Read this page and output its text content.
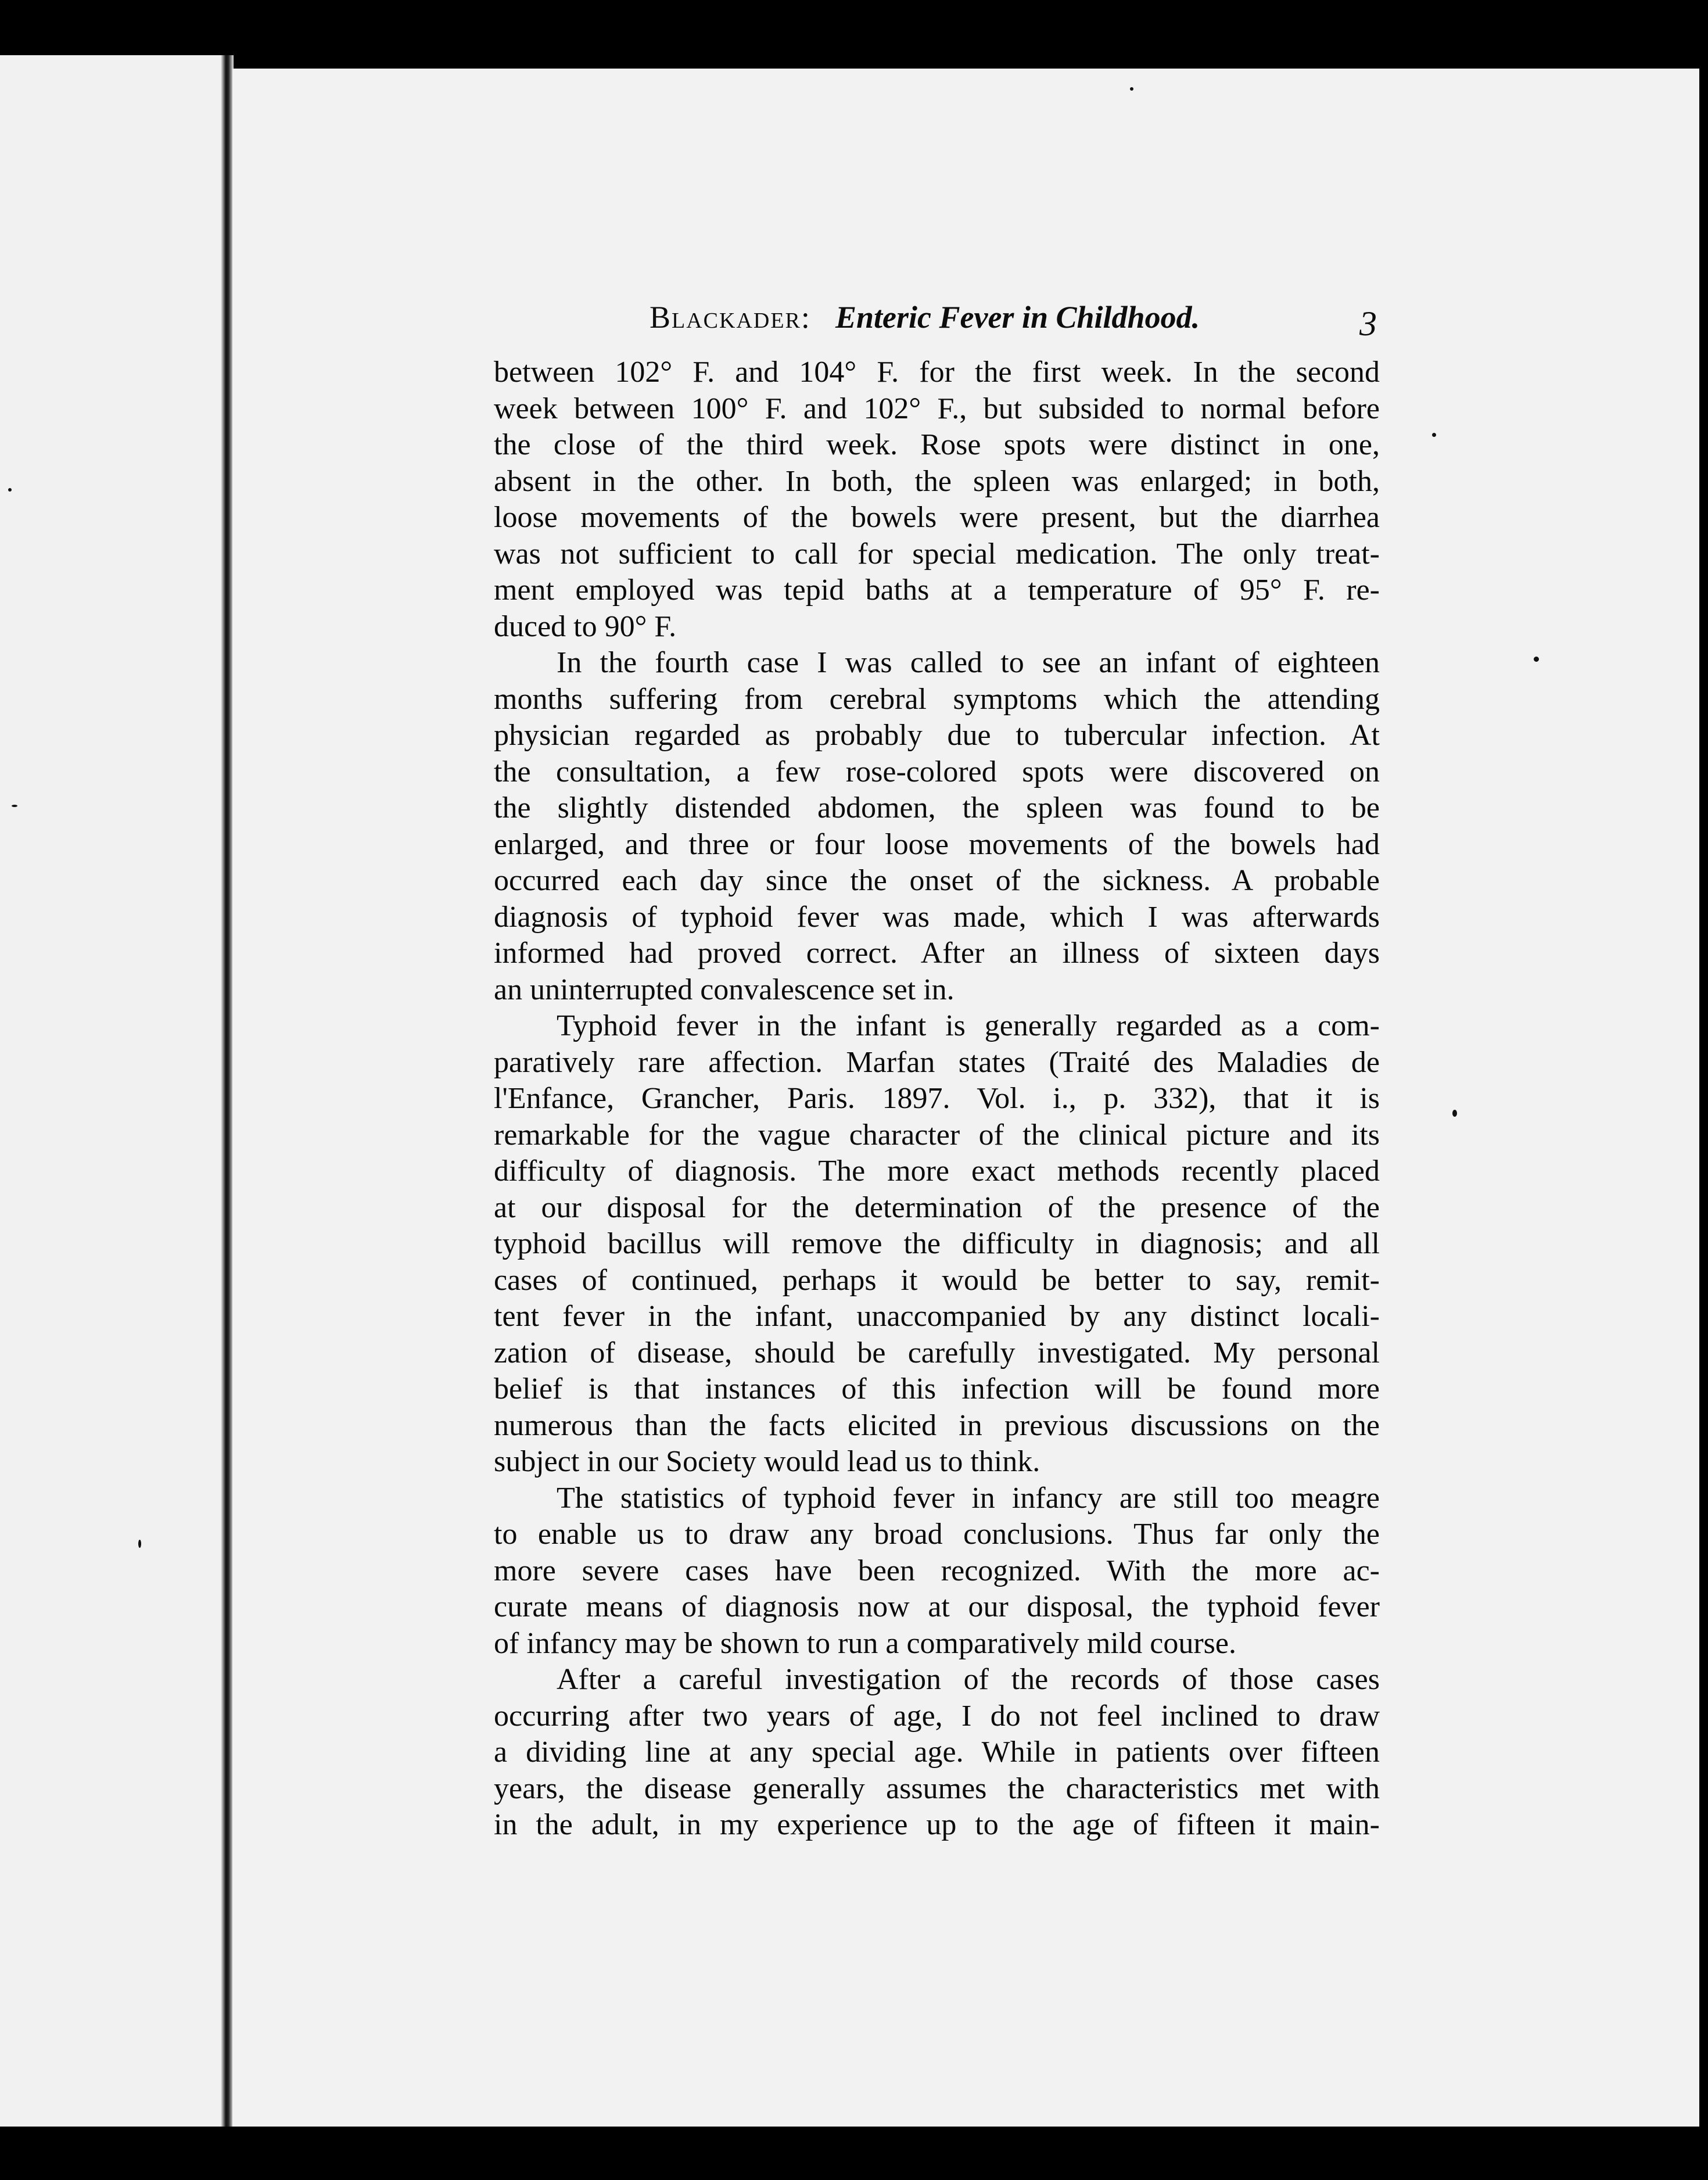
Blackader: Enteric Fever in Childhood.	3
between 102° F. and 104° F. for the first week. In the second
week between 100° F. and 102° F., but subsided to normal before
the close of the third week. Rose spots were distinct in one,
absent in the other. In both, the spleen was enlarged; in both,
loose movements of the bowels were present, but the diarrhea
was not sufficient to call for special medication. The only treat-
ment employed was tepid baths at a temperature of 95° F. re-
duced to 90° F.
In the fourth case I was called to see an infant of eighteen
months suffering from cerebral symptoms which the attending
physician regarded as probably due to tubercular infection. At
the consultation, a few rose-colored spots were discovered on
the slightly distended abdomen, the spleen was found to be
enlarged, and three or four loose movements of the bowels had
occurred each day since the onset of the sickness. A probable
diagnosis of typhoid fever was made, which I was afterwards
informed had proved correct. After an illness of sixteen days
an uninterrupted convalescence set in.
Typhoid fever in the infant is generally regarded as a com-
paratively rare affection. Marfan states (Traité des Maladies de
l'Enfance, Grancher, Paris. 1897. Vol. i., p. 332), that it is
remarkable for the vague character of the clinical picture and its
difficulty of diagnosis. The more exact methods recently placed
at our disposal for the determination of the presence of the
typhoid bacillus will remove the difficulty in diagnosis; and all
cases of continued, perhaps it would be better to say, remit-
tent fever in the infant, unaccompanied by any distinct locali-
zation of disease, should be carefully investigated. My personal
belief is that instances of this infection will be found more
numerous than the facts elicited in previous discussions on the
subject in our Society would lead us to think.
The statistics of typhoid fever in infancy are still too meagre
to enable us to draw any broad conclusions. Thus far only the
more severe cases have been recognized. With the more ac-
curate means of diagnosis now at our disposal, the typhoid fever
of infancy may be shown to run a comparatively mild course.
After a careful investigation of the records of those cases
occurring after two years of age, I do not feel inclined to draw
a dividing line at any special age. While in patients over fifteen
years, the disease generally assumes the characteristics met with
in the adult, in my experience up to the age of fifteen it main-
